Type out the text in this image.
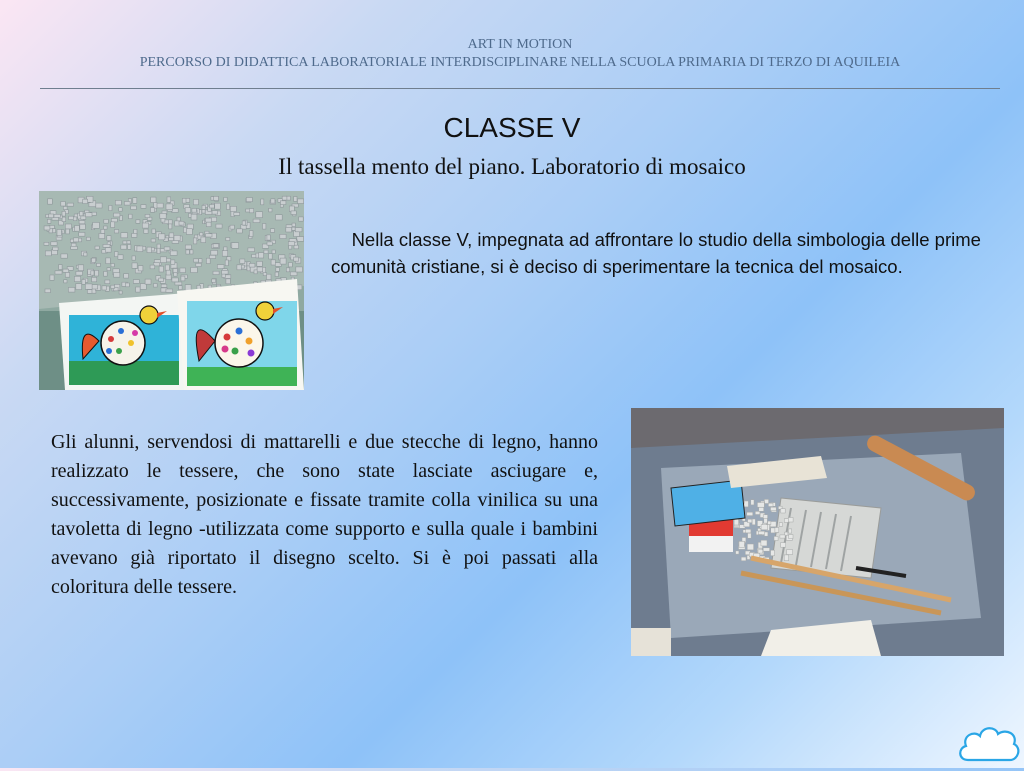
ART IN MOTION
PERCORSO DI DIDATTICA LABORATORIALE INTERDISCIPLINARE NELLA SCUOLA PRIMARIA DI TERZO DI AQUILEIA
CLASSE V
Il tassella mento del piano. Laboratorio di mosaico
Nella classe V, impegnata ad affrontare lo studio della simbologia delle prime comunità cristiane, si è deciso di sperimentare la tecnica del mosaico.
Gli alunni, servendosi di mattarelli e due stecche di legno, hanno realizzato le tessere, che sono state lasciate asciugare e, successivamente, posizionate e fissate tramite colla vinilica su una tavoletta di legno -utilizzata come supporto e sulla quale i bambini avevano già riportato il disegno scelto. Si è poi passati alla coloritura delle tessere.
